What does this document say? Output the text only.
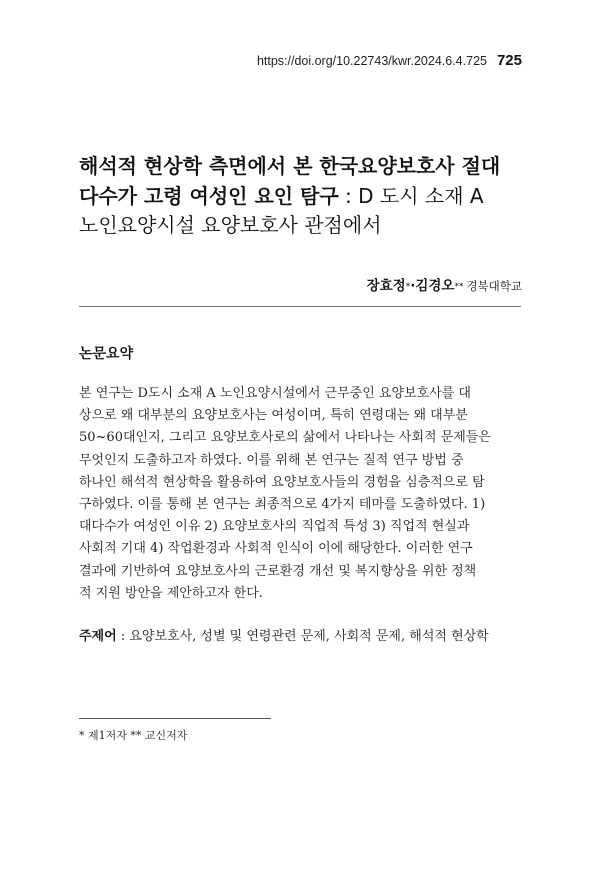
https://doi.org/10.22743/kwr.2024.6.4.725 725
해석적 현상학 측면에서 본 한국요양보호사 절대
다수가 고령 여성인 요인 탐구 : D 도시 소재 A
노인요양시설 요양보호사 관점에서
장효정*·김경오** 경북대학교
논문요약
본 연구는 D도시 소재 A 노인요양시설에서 근무중인 요양보호사를 대
상으로 왜 대부분의 요양보호사는 여성이며, 특히 연령대는 왜 대부분
50~60대인지, 그리고 요양보호사로의 삶에서 나타나는 사회적 문제들은
무엇인지 도출하고자 하였다. 이를 위해 본 연구는 질적 연구 방법 중
하나인 해석적 현상학을 활용하여 요양보호사들의 경험을 심층적으로 탐
구하였다. 이를 통해 본 연구는 최종적으로 4가지 테마를 도출하였다. 1)
대다수가 여성인 이유 2) 요양보호사의 직업적 특성 3) 직업적 현실과
사회적 기대 4) 작업환경과 사회적 인식이 이에 해당한다. 이러한 연구
결과에 기반하여 요양보호사의 근로환경 개선 및 복지향상을 위한 정책
적 지원 방안을 제안하고자 한다.
주제어 : 요양보호사, 성별 및 연령관련 문제, 사회적 문제, 해석적 현상학
* 제1저자 ** 교신저자
